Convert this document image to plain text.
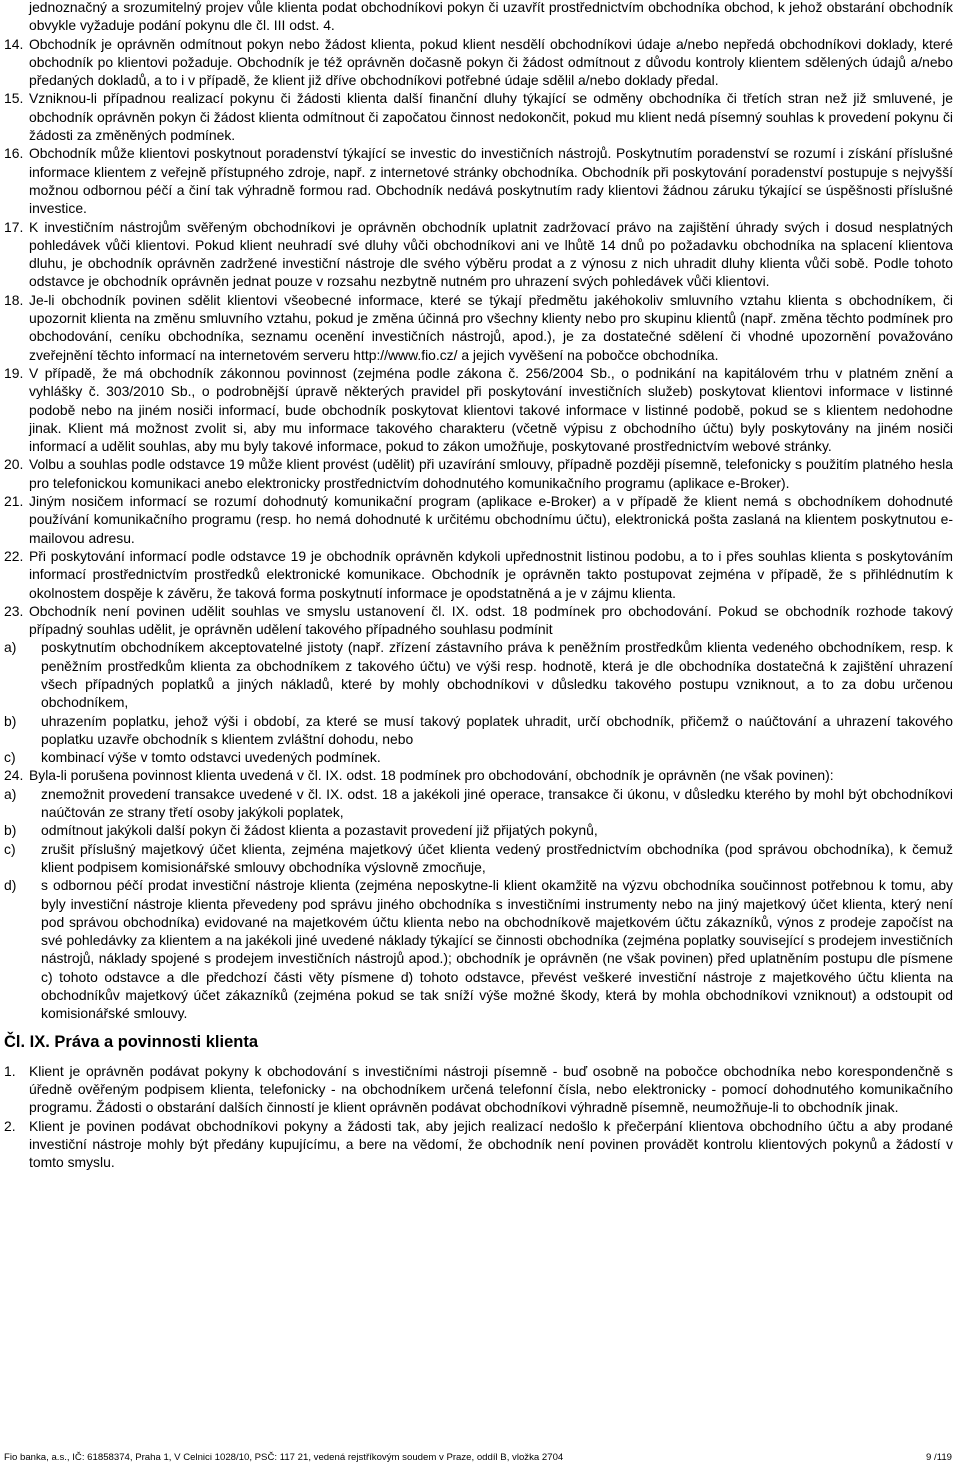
jednoznačný a srozumitelný projev vůle klienta podat obchodníkovi pokyn či uzavřít prostřednictvím obchodníka obchod, k jehož obstarání obchodník obvykle vyžaduje podání pokynu dle čl. III odst. 4.
14. Obchodník je oprávněn odmítnout pokyn nebo žádost klienta, pokud klient nesdělí obchodníkovi údaje a/nebo nepředá obchodníkovi doklady, které obchodník po klientovi požaduje. Obchodník je též oprávněn dočasně pokyn či žádost odmítnout z důvodu kontroly klientem sdělených údajů a/nebo předaných dokladů, a to i v případě, že klient již dříve obchodníkovi potřebné údaje sdělil a/nebo doklady předal.
15. Vzniknou-li případnou realizací pokynu či žádosti klienta další finanční dluhy týkající se odměny obchodníka či třetích stran než již smluvené, je obchodník oprávněn pokyn či žádost klienta odmítnout či započatou činnost nedokončit, pokud mu klient nedá písemný souhlas k provedení pokynu či žádosti za změněných podmínek.
16. Obchodník může klientovi poskytnout poradenství týkající se investic do investičních nástrojů. Poskytnutím poradenství se rozumí i získání příslušné informace klientem z veřejně přístupného zdroje, např. z internetové stránky obchodníka. Obchodník při poskytování poradenství postupuje s nejvyšší možnou odbornou péčí a činí tak výhradně formou rad. Obchodník nedává poskytnutím rady klientovi žádnou záruku týkající se úspěšnosti příslušné investice.
17. K investičním nástrojům svěřeným obchodníkovi je oprávněn obchodník uplatnit zadržovací právo na zajištění úhrady svých i dosud nesplatných pohledávek vůči klientovi. Pokud klient neuhradí své dluhy vůči obchodníkovi ani ve lhůtě 14 dnů po požadavku obchodníka na splacení klientova dluhu, je obchodník oprávněn zadržené investiční nástroje dle svého výběru prodat a z výnosu z nich uhradit dluhy klienta vůči sobě. Podle tohoto odstavce je obchodník oprávněn jednat pouze v rozsahu nezbytně nutném pro uhrazení svých pohledávek vůči klientovi.
18. Je-li obchodník povinen sdělit klientovi všeobecné informace, které se týkají předmětu jakéhokoliv smluvního vztahu klienta s obchodníkem, či upozornit klienta na změnu smluvního vztahu, pokud je změna účinná pro všechny klienty nebo pro skupinu klientů (např. změna těchto podmínek pro obchodování, ceníku obchodníka, seznamu ocenění investičních nástrojů, apod.), je za dostatečné sdělení či vhodné upozornění považováno zveřejnění těchto informací na internetovém serveru http://www.fio.cz/ a jejich vyvěšení na pobočce obchodníka.
19. V případě, že má obchodník zákonnou povinnost (zejména podle zákona č. 256/2004 Sb., o podnikání na kapitálovém trhu v platném znění a vyhlášky č. 303/2010 Sb., o podrobnější úpravě některých pravidel při poskytování investičních služeb) poskytovat klientovi informace v listinné podobě nebo na jiném nosiči informací, bude obchodník poskytovat klientovi takové informace v listinné podobě, pokud se s klientem nedohodne jinak. Klient má možnost zvolit si, aby mu informace takového charakteru (včetně výpisu z obchodního účtu) byly poskytovány na jiném nosiči informací a udělit souhlas, aby mu byly takové informace, pokud to zákon umožňuje, poskytované prostřednictvím webové stránky.
20. Volbu a souhlas podle odstavce 19 může klient provést (udělit) při uzavírání smlouvy, případně později písemně, telefonicky s použitím platného hesla pro telefonickou komunikaci anebo elektronicky prostřednictvím dohodnutého komunikačního programu (aplikace e-Broker).
21. Jiným nosičem informací se rozumí dohodnutý komunikační program (aplikace e-Broker) a v případě že klient nemá s obchodníkem dohodnuté používání komunikačního programu (resp. ho nemá dohodnuté k určitému obchodnímu účtu), elektronická pošta zaslaná na klientem poskytnutou e-mailovou adresu.
22. Při poskytování informací podle odstavce 19 je obchodník oprávněn kdykoli upřednostnit listinou podobu, a to i přes souhlas klienta s poskytováním informací prostřednictvím prostředků elektronické komunikace. Obchodník je oprávněn takto postupovat zejména v případě, že s přihlédnutím k okolnostem dospěje k závěru, že taková forma poskytnutí informace je opodstatněná a je v zájmu klienta.
23. Obchodník není povinen udělit souhlas ve smyslu ustanovení čl. IX. odst. 18 podmínek pro obchodování. Pokud se obchodník rozhode takový případný souhlas udělit, je oprávněn udělení takového případného souhlasu podmínit
a) poskytnutím obchodníkem akceptovatelné jistoty (např. zřízení zástavního práva k peněžním prostředkům klienta vedeného obchodníkem, resp. k peněžním prostředkům klienta za obchodníkem z takového účtu) ve výši resp. hodnotě, která je dle obchodníka dostatečná k zajištění uhrazení všech případných poplatků a jiných nákladů, které by mohly obchodníkovi v důsledku takového postupu vzniknout, a to za dobu určenou obchodníkem,
b) uhrazením poplatku, jehož výši i období, za které se musí takový poplatek uhradit, určí obchodník, přičemž o naúčtování a uhrazení takového poplatku uzavře obchodník s klientem zvláštní dohodu, nebo
c) kombinací výše v tomto odstavci uvedených podmínek.
24. Byla-li porušena povinnost klienta uvedená v čl. IX. odst. 18 podmínek pro obchodování, obchodník je oprávněn (ne však povinen):
a) znemožnit provedení transakce uvedené v čl. IX. odst. 18 a jakékoli jiné operace, transakce či úkonu, v důsledku kterého by mohl být obchodníkovi naúčtován ze strany třetí osoby jakýkoli poplatek,
b) odmítnout jakýkoli další pokyn či žádost klienta a pozastavit provedení již přijatých pokynů,
c) zrušit příslušný majetkový účet klienta, zejména majetkový účet klienta vedený prostřednictvím obchodníka (pod správou obchodníka), k čemuž klient podpisem komisionářské smlouvy obchodníka výslovně zmocňuje,
d) s odbornou péčí prodat investiční nástroje klienta (zejména neposkytne-li klient okamžitě na výzvu obchodníka součinnost potřebnou k tomu, aby byly investiční nástroje klienta převedeny pod správu jiného obchodníka s investičními instrumenty nebo na jiný majetkový účet klienta, který není pod správou obchodníka) evidované na majetkovém účtu klienta nebo na obchodníkově majetkovém účtu zákazníků, výnos z prodeje započíst na své pohledávky za klientem a na jakékoli jiné uvedené náklady týkající se činnosti obchodníka (zejména poplatky související s prodejem investičních nástrojů, náklady spojené s prodejem investičních nástrojů apod.); obchodník je oprávněn (ne však povinen) před uplatněním postupu dle písmene c) tohoto odstavce a dle předchozí části věty písmene d) tohoto odstavce, převést veškeré investiční nástroje z majetkového účtu klienta na obchodníkův majetkový účet zákazníků (zejména pokud se tak sníží výše možné škody, která by mohla obchodníkovi vzniknout) a odstoupit od komisionářské smlouvy.
Čl. IX. Práva a povinnosti klienta
1. Klient je oprávněn podávat pokyny k obchodování s investičními nástroji písemně - buď osobně na pobočce obchodníka nebo korespondenčně s úředně ověřeným podpisem klienta, telefonicky - na obchodníkem určená telefonní čísla, nebo elektronicky - pomocí dohodnutého komunikačního programu. Žádosti o obstarání dalších činností je klient oprávněn podávat obchodníkovi výhradně písemně, neumožňuje-li to obchodník jinak.
2. Klient je povinen podávat obchodníkovi pokyny a žádosti tak, aby jejich realizací nedošlo k přečerpání klientova obchodního účtu a aby prodané investiční nástroje mohly být předány kupujícímu, a bere na vědomí, že obchodník není povinen provádět kontrolu klientových pokynů a žádostí v tomto smyslu.
Fio banka, a.s., IČ: 61858374, Praha 1, V Celnici 1028/10, PSČ: 117 21, vedená rejstříkovým soudem v Praze, oddíl B, vložka 2704	9 /119
